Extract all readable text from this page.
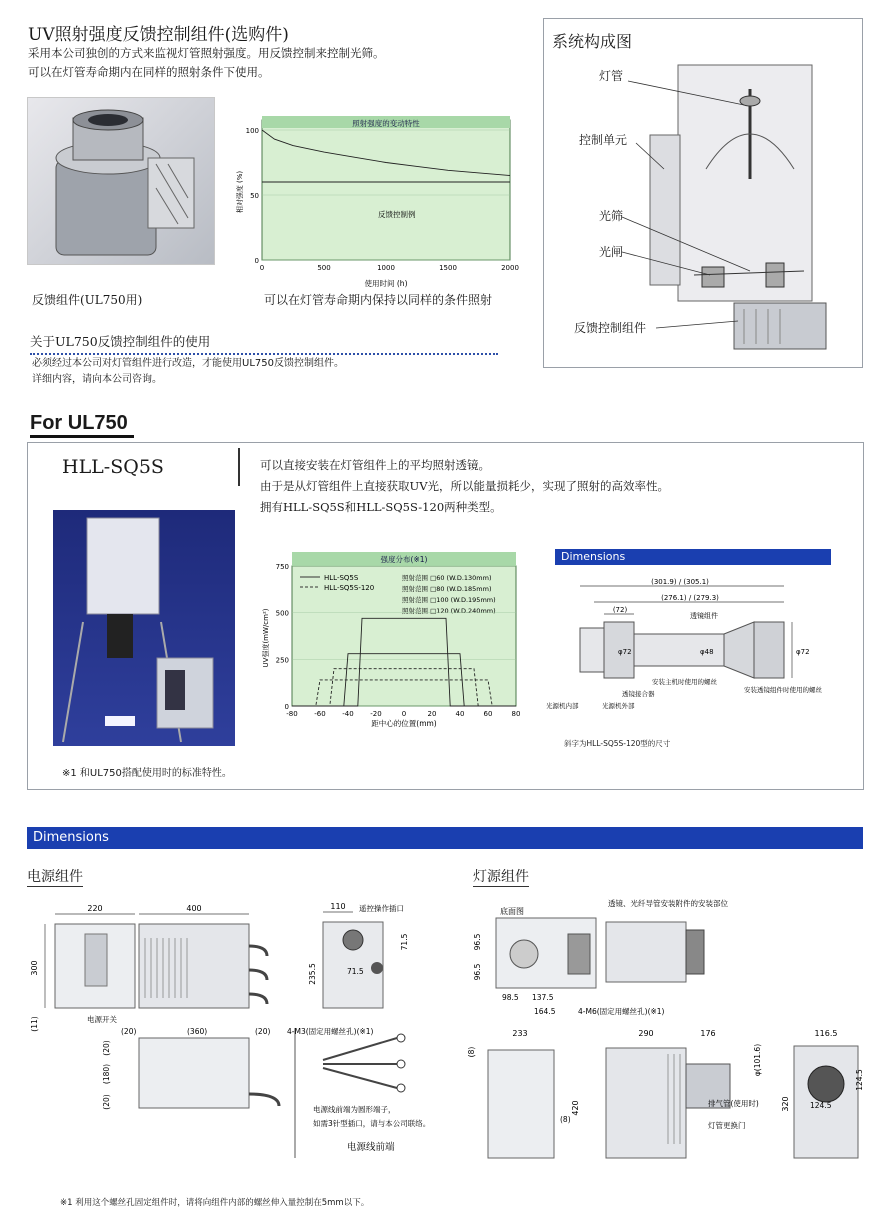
UV照射强度反馈控制组件(选购件)
采用本公司独创的方式来监视灯管照射强度。用反馈控制来控制光筛。
可以在灯管寿命期内在同样的照射条件下使用。
反馈组件(UL750用)
照射强度的变动特性
相对强度 (%)
使用时间 (h)
反馈控制例
0	500	1000	1500	2000
0
50
100
可以在灯管寿命期内保持以同样的条件照射
关于UL750反馈控制组件的使用
必须经过本公司对灯管组件进行改造，才能使用UL750反馈控制组件。
详细内容，请向本公司咨询。
系统构成图
灯管
控制单元
光筛
光闸
反馈控制组件
For UL750
HLL-SQ5S	可以直接安装在灯管组件上的平均照射透镜。
由于是从灯管组件上直接获取UV光，所以能量损耗少，实现了照射的高效率性。
拥有HLL-SQ5S和HLL-SQ5S-120两种类型。
※1 和UL750搭配使用时的标准特性。
强度分布(※1)
UV强度(mW/cm²)
距中心的位置(mm)
HLL-SQ5S
HLL-SQ5S-120
照射范围 □60 (W.D.130mm)
照射范围 □80 (W.D.185mm)
照射范围 □100 (W.D.195mm)
照射范围 □120 (W.D.240mm)
-80 -60 -40 -20	0	20	40	60	80
0
250
500
750
Dimensions
(301.9) / (305.1)
(276.1) / (279.3)
(72)
φ72	φ48	φ72
透镜组件
安装主机时使用的螺丝
透镜接合器	安装透镜组件时使用的螺丝
光源机内部	光源机外部
斜字为HLL-SQ5S-120型的尺寸
Dimensions
电源组件	灯源组件
220	400	110
300
(11)
遥控操作插口
71.5
235.5	71.5
电源开关
(20)	(360)	(20) 4-M3(固定用螺丝孔)(※1)
(20)
(180)
(20)	电源线前端为圆形端子，
如需3针型插口，请与本公司联络。
电源线前端
底面图
透镜、光纤导管安装附件的安装部位
96.5
96.5
98.5 137.5
164.5	4-M6(固定用螺丝孔)(※1)
233	290	176	116.5
(8)
(8)
420
φ(101.6)
排气管(使用时)
灯管更换门
124.5
124.5
320
※1 利用这个螺丝孔固定组件时，请将向组件内部的螺丝伸入量控制在5mm以下。
